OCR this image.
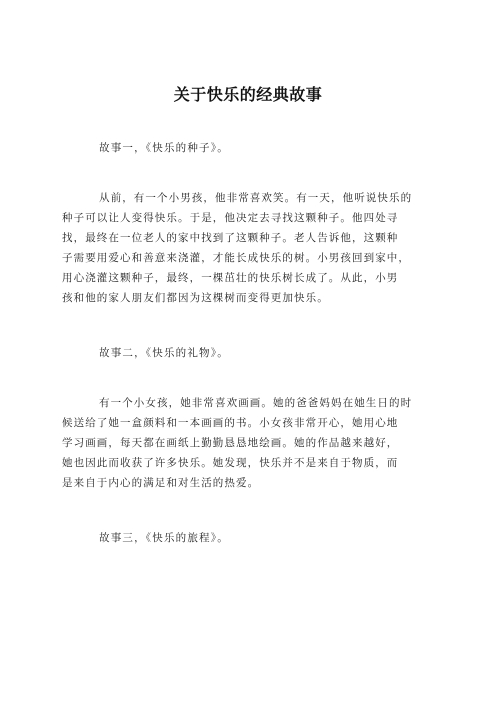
关于快乐的经典故事
故事一，《快乐的种子》。
从前，有一个小男孩，他非常喜欢笑。有一天，他听说快乐的
种子可以让人变得快乐。于是，他决定去寻找这颗种子。他四处寻
找，最终在一位老人的家中找到了这颗种子。老人告诉他，这颗种
子需要用爱心和善意来浇灌，才能长成快乐的树。小男孩回到家中，
用心浇灌这颗种子，最终，一棵茁壮的快乐树长成了。从此，小男
孩和他的家人朋友们都因为这棵树而变得更加快乐。
故事二，《快乐的礼物》。
有一个小女孩，她非常喜欢画画。她的爸爸妈妈在她生日的时
候送给了她一盒颜料和一本画画的书。小女孩非常开心，她用心地
学习画画，每天都在画纸上勤勤恳恳地绘画。她的作品越来越好，
她也因此而收获了许多快乐。她发现，快乐并不是来自于物质，而
是来自于内心的满足和对生活的热爱。
故事三，《快乐的旅程》。
